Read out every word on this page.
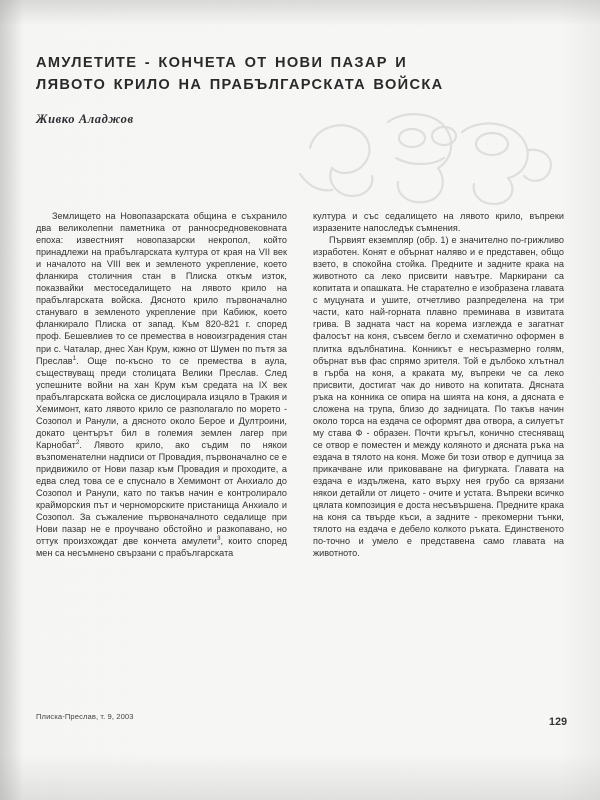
АМУЛЕТИТЕ - КОНЧЕТА ОТ НОВИ ПАЗАР И
ЛЯВОТО КРИЛО НА ПРАБЪЛГАРСКАТА ВОЙСКА
Живко Аладжов

Землището на Новопазарската община е съхранило два великолепни паметника от ранносредновековната епоха: известният новопазарски некропол, който принадлежи на прабългарската култура от края на VII век и началото на VIII век и земленото укрепление, което фланкира столичния стан в Плиска откъм изток, показвайки местоседалището на лявото крило на прабългарската войска. Дясното крило първоначално стануваго в земленото укрепление при Кабиюк, което фланкирало Плиска от запад. Към 820-821 г. според проф. Бешевлиев то се премества в новоизградения стан при с. Чаталар, днес Хан Крум, южно от Шумен по пътя за Преслав$^1$. Още по-късно то се премества в аула, съществуващ преди столицата Велики Преслав. След успешните войни на хан Крум към средата на IX век прабългарската войска се дислоцирала изцяло в Тракия и Хемимонт, като лявото крило се разполагало по морето - Созопол и Ранули, а дясното около Берое и Дултроини, докато центърът бил в големия землен лагер при Карнобат$^2$. Лявото крило, ако съдим по някои възпоменателни надписи от Провадия, първоначално се е придвижило от Нови пазар към Провадия и проходите, а едва след това се е спуснало в Хемимонт от Анхиало до Созопол и Ранули, като по такъв начин е контролирало крайморския път и черноморските пристанища Анхиало и Созопол. За съжаление първоначалното седалище при Нови пазар не е проучвано обстойно и разкопавано, но оттук произхождат две кончета амулети$^3$, които според мен са несъмнено свързани с прабългарската

култура и със седалището на лявото крило, въпреки изразените напоследък съмнения.

Първият екземпляр (обр. 1) е значително по-грижливо изработен. Конят е обърнат наляво и е представен, общо взето, в спокойна стойка. Предните и задните крака на животното са леко присвити навътре. Маркирани са копитата и опашката. Не старателно е изобразена главата с муцуната и ушите, отчетливо разпределена на три части, като най-горната плавно преминава в извитата грива. В задната част на корема изглежда е загатнат фалосът на коня, съвсем бегло и схематично оформен в плитка вдълбнатина. Конникът е несъразмерно голям, обърнат във фас спрямо зрителя. Той е дълбоко хлътнал в гърба на коня, а краката му, въпреки че са леко присвити, достигат чак до нивото на копитата. Дясната ръка на конника се опира на шията на коня, а дясната е сложена на трупа, близо до задницата. По такъв начин около торса на ездача се оформят два отвора, а силуетът му става Ф - образен. Почти кръгъл, конично стесняващ се отвор е поместен и между коляното и дясната ръка на ездача в тялото на коня. Може би този отвор е дупчица за прикачване или приковаване на фигурката. Главата на ездача е издължена, като върху нея грубо са врязани някои детайли от лицето - очите и устата. Въпреки всичко цялата композиция е доста несъвършена. Предните крака на коня са твърде къси, а задните - прекомерни тънки, тялото на ездача е дебело колкото ръката. Единственото по-точно и умело е представена само главата на животното.

Плиска-Преслав, т. 9, 2003	129
